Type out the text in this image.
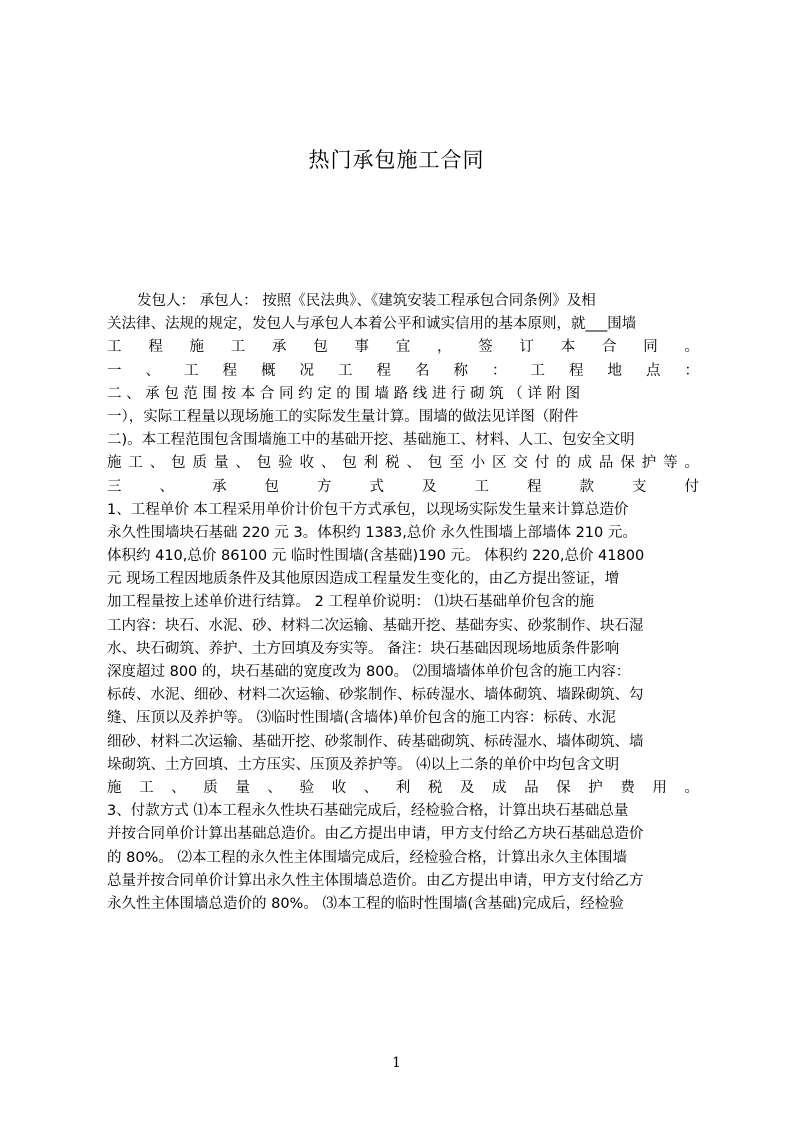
热门承包施工合同
发包人： 承包人： 按照《民法典》、《建筑安装工程承包合同条例》及相
关法律、法规的规定，发包人与承包人本着公平和诚实信用的基本原则，就___围墙
工 程 施 工 承 包 事 宜 ， 签 订 本 合 同 。
一 、 工 程 概 况 工 程 名 称 ： 工 程 地 点 ：
二 、 承 包 范 围 按 本 合 同 约 定 的 围 墙 路 线 进 行 砌 筑 （ 详 附 图
一），实际工程量以现场施工的实际发生量计算。围墙的做法见详图（附件
二)。本工程范围包含围墙施工中的基础开挖、基础施工、材料、人工、包安全文明
施 工 、 包 质 量 、 包 验 收 、 包 利 税 、 包 至 小 区 交 付 的 成 品 保 护 等 。
三 、 承 包 方 式 及 工 程 款 支 付
1、工程单价 本工程采用单价计价包干方式承包，以现场实际发生量来计算总造价
永久性围墙块石基础 220 元 3。体积约 1383,总价 永久性围墙上部墙体 210 元。
体积约 410,总价 86100 元 临时性围墙(含基础)190 元。 体积约 220,总价 41800
元 现场工程因地质条件及其他原因造成工程量发生变化的，由乙方提出签证，增
加工程量按上述单价进行结算。 2 工程单价说明： ⑴块石基础单价包含的施
工内容：块石、水泥、砂、材料二次运输、基础开挖、基础夯实、砂浆制作、块石湿
水、块石砌筑、养护、土方回填及夯实等。 备注：块石基础因现场地质条件影响
深度超过 800 的，块石基础的宽度改为 800。 ⑵围墙墙体单价包含的施工内容：
标砖、水泥、细砂、材料二次运输、砂浆制作、标砖湿水、墙体砌筑、墙跺砌筑、勾
缝、压顶以及养护等。 ⑶临时性围墙(含墙体)单价包含的施工内容：标砖、水泥
细砂、材料二次运输、基础开挖、砂浆制作、砖基础砌筑、标砖湿水、墙体砌筑、墙
垛砌筑、土方回填、土方压实、压顶及养护等。 ⑷以上二条的单价中均包含文明
施 工 、 质 量 、 验 收 、 利 税 及 成 品 保 护 费 用 。
3、付款方式 ⑴本工程永久性块石基础完成后，经检验合格，计算出块石基础总量
并按合同单价计算出基础总造价。由乙方提出申请，甲方支付给乙方块石基础总造价
的 80%。 ⑵本工程的永久性主体围墙完成后，经检验合格，计算出永久主体围墙
总量并按合同单价计算出永久性主体围墙总造价。由乙方提出申请，甲方支付给乙方
永久性主体围墙总造价的 80%。 ⑶本工程的临时性围墙(含基础)完成后，经检验
1
